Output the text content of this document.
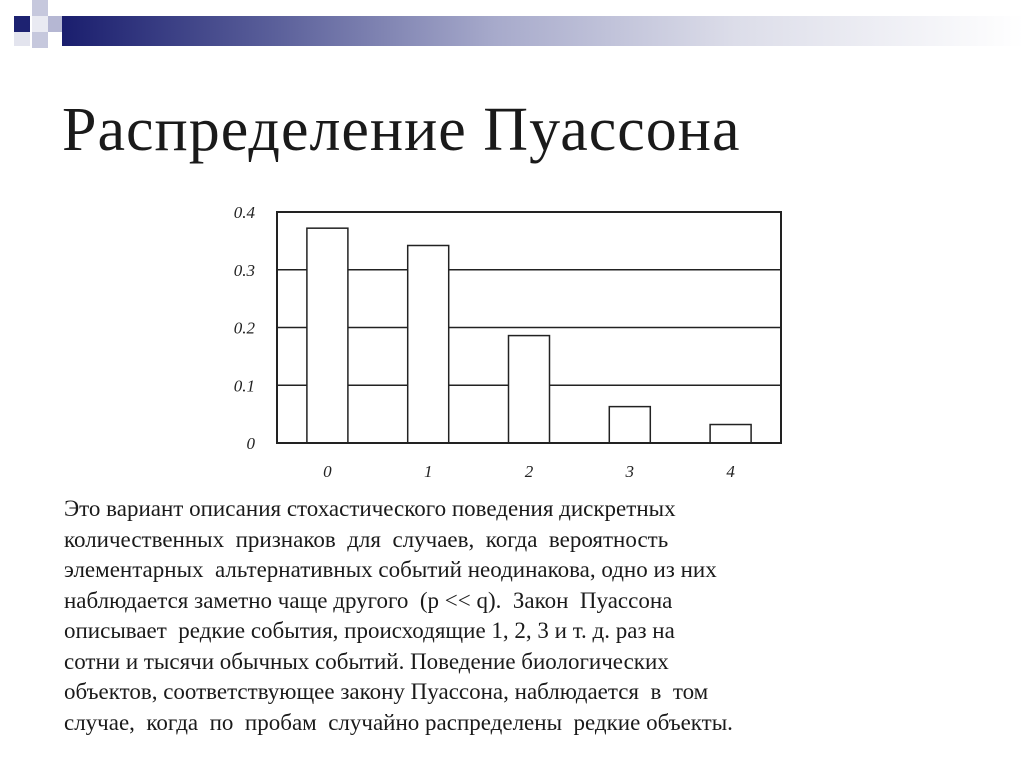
Распределение Пуассона
0
0.1
0.2
0.3
0.4
0	1	2	3	4
Это вариант описания стохастического поведения дискретных
количественных  признаков  для  случаев,  когда  вероятность
элементарных  альтернативных событий неодинакова, одно из них
наблюдается заметно чаще другого  (p << q).  Закон  Пуассона
описывает  редкие события, происходящие 1, 2, 3 и т. д. раз на
сотни и тысячи обычных событий. Поведение биологических
объектов, соответствующее закону Пуассона, наблюдается  в  том
случае,  когда  по  пробам  случайно распределены  редкие объекты.
